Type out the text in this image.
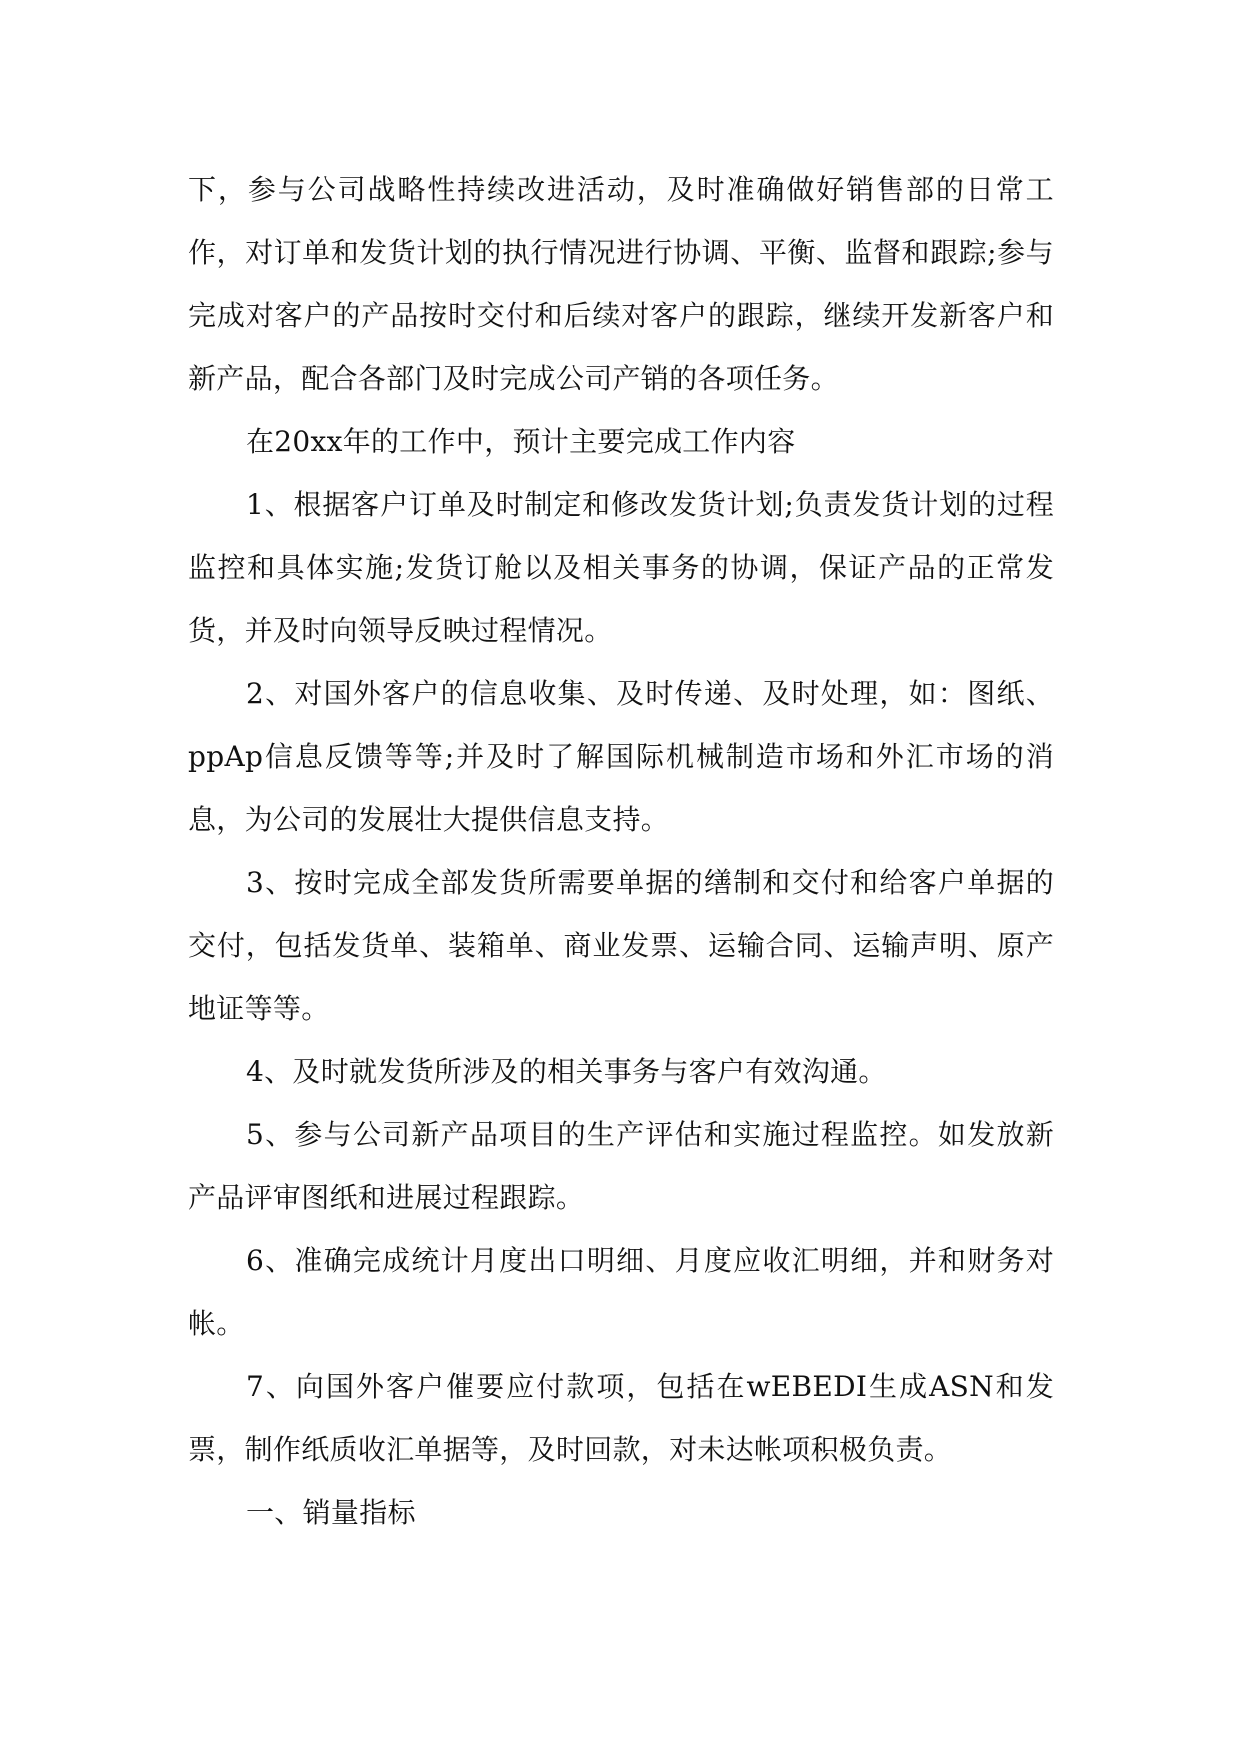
下，参与公司战略性持续改进活动，及时准确做好销售部的日常工作，对订单和发货计划的执行情况进行协调、平衡、监督和跟踪;参与完成对客户的产品按时交付和后续对客户的跟踪，继续开发新客户和新产品，配合各部门及时完成公司产销的各项任务。

在20xx年的工作中，预计主要完成工作内容

1、根据客户订单及时制定和修改发货计划;负责发货计划的过程监控和具体实施;发货订舱以及相关事务的协调，保证产品的正常发货，并及时向领导反映过程情况。

2、对国外客户的信息收集、及时传递、及时处理，如：图纸、ppAp信息反馈等等;并及时了解国际机械制造市场和外汇市场的消息，为公司的发展壮大提供信息支持。

3、按时完成全部发货所需要单据的缮制和交付和给客户单据的交付，包括发货单、装箱单、商业发票、运输合同、运输声明、原产地证等等。

4、及时就发货所涉及的相关事务与客户有效沟通。

5、参与公司新产品项目的生产评估和实施过程监控。如发放新产品评审图纸和进展过程跟踪。

6、准确完成统计月度出口明细、月度应收汇明细，并和财务对帐。

7、向国外客户催要应付款项，包括在wEBEDI生成ASN和发票，制作纸质收汇单据等，及时回款，对未达帐项积极负责。

一、销量指标
